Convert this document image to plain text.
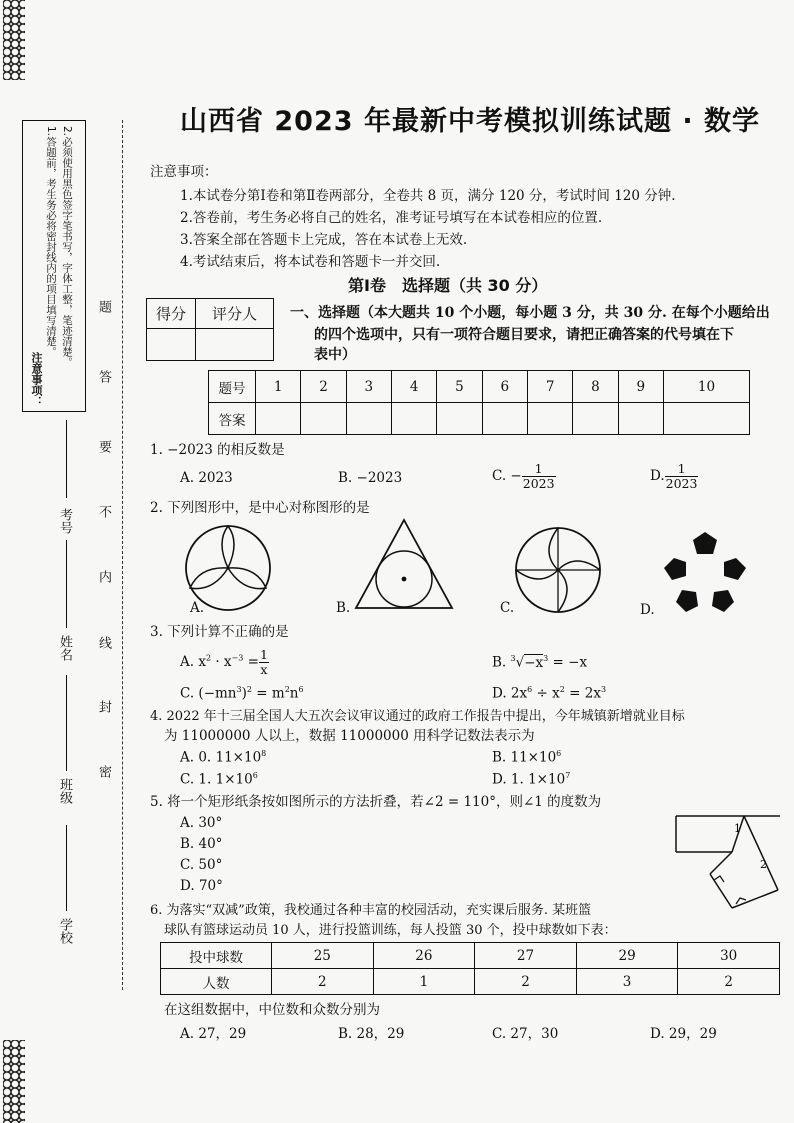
注意事项：
1.答题前，考生务必将密封线内的项目填写清楚。 2.必须使用黑色签字笔书写，字体工整，笔迹清楚。
考号
姓名
班级
学校
题
答
要
不
内
线
封
密
山西省 2023 年最新中考模拟训练试题 · 数学
注意事项：
1.本试卷分第Ⅰ卷和第Ⅱ卷两部分，全卷共 8 页，满分 120 分，考试时间 120 分钟.
2.答卷前，考生务必将自己的姓名，准考证号填写在本试卷相应的位置.
3.答案全部在答题卡上完成，答在本试卷上无效.
4.考试结束后，将本试卷和答题卡一并交回.
第Ⅰ卷　选择题（共 30 分）
得分	评分人
	一、选择题（本大题共 10 个小题，每小题 3 分，共 30 分. 在每个小题给出
的四个选项中，只有一项符合题目要求，请把正确答案的代号填在下
表中）
题号	1	2	3	4	5	6	7	8	9	10
答案										
1. −2023 的相反数是
A. 2023	B. −2023	C. − $\frac{1}{2023}$	D. $\frac{1}{2023}$
2. 下列图形中，是中心对称图形的是
A.	B.	C.	D.
3. 下列计算不正确的是
A. $x^2 \cdot x^{-3} = \frac{1}{x}$	B. $^3√-x^3 = -x$
C. $(-mn^3)^2 = m^2n^6$	D. $2x^6 \div x^2 = 2x^3$
4. 2022 年十三届全国人大五次会议审议通过的政府工作报告中提出，今年城镇新增就业目标
为 11000000 人以上，数据 11000000 用科学记数法表示为
A. 0. $11\times 10^8$	B. $11\times 10^6$
C. 1. $1\times 10^6$	D. 1. $1\times 10^7$
5. 将一个矩形纸条按如图所示的方法折叠，若∠2 = 110°，则∠1 的度数为
A. 30°
B. 40°
C. 50°
D. 70°
1
2
6. 为落实“双减”政策，我校通过各种丰富的校园活动，充实课后服务. 某班篮
球队有篮球运动员 10 人，进行投篮训练，每人投篮 30 个，投中球数如下表：
投中球数	25	26	27	29	30
人数	2	1	2	3	2
在这组数据中，中位数和众数分别为
A. 27，29	B. 28，29	C. 27，30	D. 29，29
